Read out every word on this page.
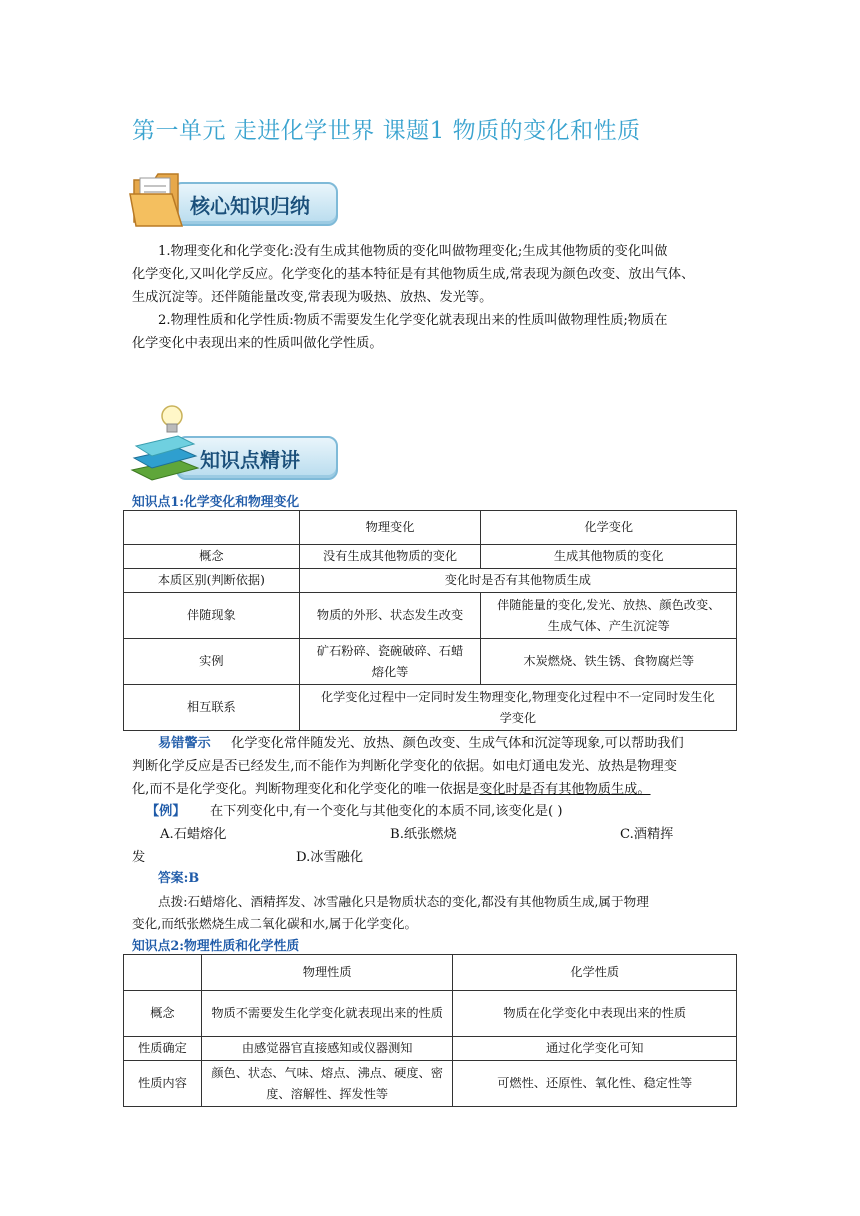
第一单元 走进化学世界 课题1 物质的变化和性质
核心知识归纳
1.物理变化和化学变化:没有生成其他物质的变化叫做物理变化;生成其他物质的变化叫做
化学变化,又叫化学反应。化学变化的基本特征是有其他物质生成,常表现为颜色改变、放出气体、
生成沉淀等。还伴随能量改变,常表现为吸热、放热、发光等。
2.物理性质和化学性质:物质不需要发生化学变化就表现出来的性质叫做物理性质;物质在
化学变化中表现出来的性质叫做化学性质。
知识点精讲
知识点1:化学变化和物理变化
	物理变化	化学变化
概念	没有生成其他物质的变化	生成其他物质的变化
本质区别(判断依据)	变化时是否有其他物质生成	
伴随现象	物质的外形、状态发生改变	伴随能量的变化,发光、放热、颜色改变、生成气体、产生沉淀等
实例	矿石粉碎、瓷碗破碎、石蜡熔化等	木炭燃烧、铁生锈、食物腐烂等
相互联系	化学变化过程中一定同时发生物理变化,物理变化过程中不一定同时发生化学变化	
易错警示 化学变化常伴随发光、放热、颜色改变、生成气体和沉淀等现象,可以帮助我们
判断化学反应是否已经发生,而不能作为判断化学变化的依据。如电灯通电发光、放热是物理变
化,而不是化学变化。判断物理变化和化学变化的唯一依据是变化时是否有其他物质生成。
【例】 在下列变化中,有一个变化与其他变化的本质不同,该变化是( )
A.石蜡熔化	B.纸张燃烧	C.酒精挥
发	D.冰雪融化
答案:B
点拨:石蜡熔化、酒精挥发、冰雪融化只是物质状态的变化,都没有其他物质生成,属于物理
变化,而纸张燃烧生成二氧化碳和水,属于化学变化。
知识点2:物理性质和化学性质
	物理性质	化学性质
概念	物质不需要发生化学变化就表现出来的性质	物质在化学变化中表现出来的性质
性质确定	由感觉器官直接感知或仪器测知	通过化学变化可知
性质内容	颜色、状态、气味、熔点、沸点、硬度、密度、溶解性、挥发性等	可燃性、还原性、氧化性、稳定性等
